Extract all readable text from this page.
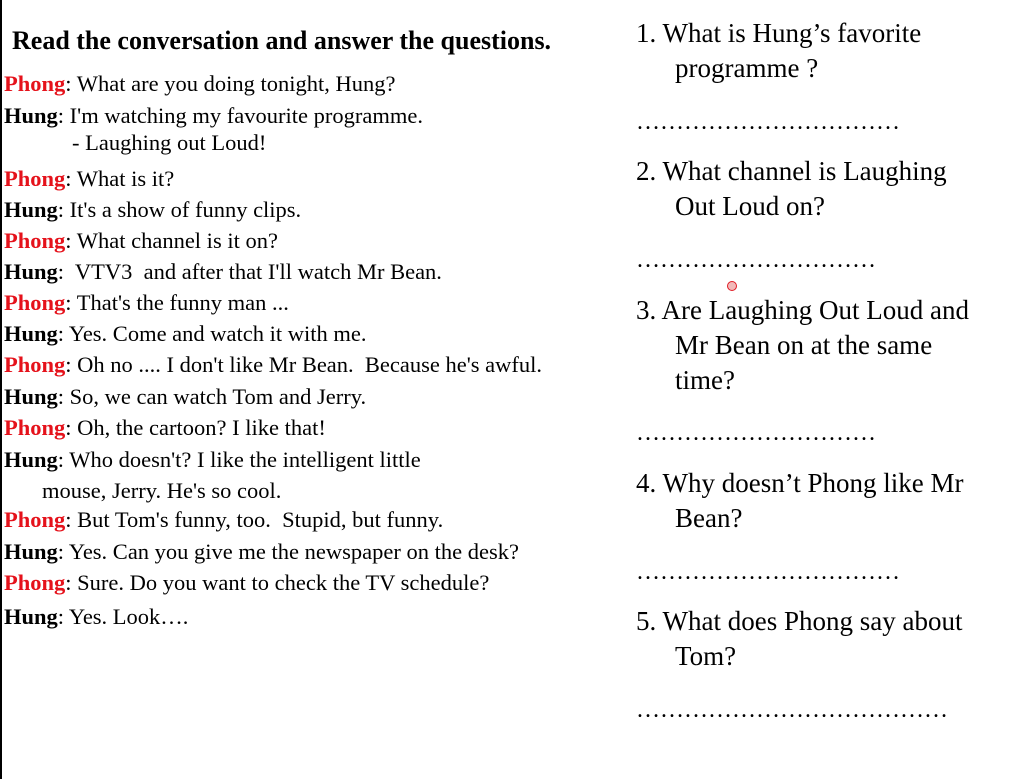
Read the conversation and answer the questions.
Phong: What are you doing tonight, Hung?
Hung: I'm watching my favourite programme.
- Laughing out Loud!
Phong: What is it?
Hung: It's a show of funny clips.
Phong: What channel is it on?
Hung:  VTV3  and after that I'll watch Mr Bean.
Phong: That's the funny man ...
Hung: Yes. Come and watch it with me.
Phong: Oh no .... I don't like Mr Bean.  Because he's awful.
Hung: So, we can watch Tom and Jerry.
Phong: Oh, the cartoon? I like that!
Hung: Who doesn't? I like the intelligent little
mouse, Jerry. He's so cool.
Phong: But Tom's funny, too.  Stupid, but funny.
Hung: Yes. Can you give me the newspaper on the desk?
Phong: Sure. Do you want to check the TV schedule?
Hung: Yes. Look….
1. What is Hung’s favorite
programme ?
……………………………
2. What channel is Laughing
Out Loud on?
…………………………
3. Are Laughing Out Loud and
Mr Bean on at the same
time?
…………………………
4. Why doesn’t Phong like Mr
Bean?
……………………………
5. What does Phong say about
Tom?
…………………………………
